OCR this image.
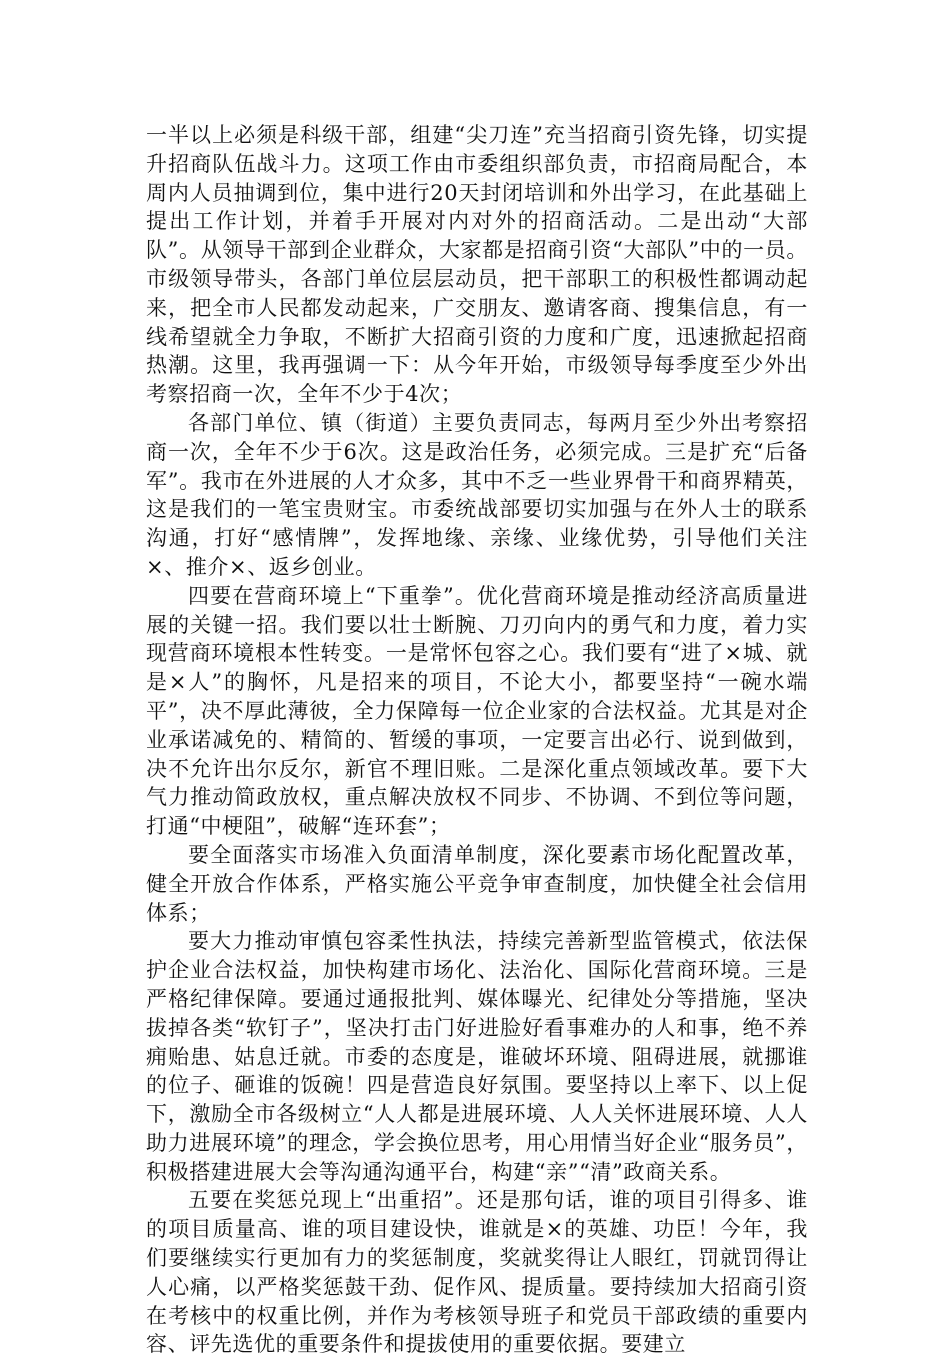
一半以上必须是科级干部，组建“尖刀连”充当招商引资先锋，切实提升招商队伍战斗力。这项工作由市委组织部负责，市招商局配合，本周内人员抽调到位，集中进行20天封闭培训和外出学习，在此基础上提出工作计划，并着手开展对内对外的招商活动。二是出动“大部队”。从领导干部到企业群众，大家都是招商引资“大部队”中的一员。市级领导带头，各部门单位层层动员，把干部职工的积极性都调动起来，把全市人民都发动起来，广交朋友、邀请客商、搜集信息，有一线希望就全力争取，不断扩大招商引资的力度和广度，迅速掀起招商热潮。这里，我再强调一下：从今年开始，市级领导每季度至少外出考察招商一次，全年不少于4次；

各部门单位、镇（街道）主要负责同志，每两月至少外出考察招商一次，全年不少于6次。这是政治任务，必须完成。三是扩充“后备军”。我市在外进展的人才众多，其中不乏一些业界骨干和商界精英，这是我们的一笔宝贵财宝。市委统战部要切实加强与在外人士的联系沟通，打好“感情牌”，发挥地缘、亲缘、业缘优势，引导他们关注×、推介×、返乡创业。

四要在营商环境上“下重拳”。优化营商环境是推动经济高质量进展的关键一招。我们要以壮士断腕、刀刃向内的勇气和力度，着力实现营商环境根本性转变。一是常怀包容之心。我们要有“进了×城、就是×人”的胸怀，凡是招来的项目，不论大小，都要坚持“一碗水端平”，决不厚此薄彼，全力保障每一位企业家的合法权益。尤其是对企业承诺减免的、精简的、暂缓的事项，一定要言出必行、说到做到，决不允许出尔反尔，新官不理旧账。二是深化重点领域改革。要下大气力推动简政放权，重点解决放权不同步、不协调、不到位等问题，打通“中梗阻”，破解“连环套”；

要全面落实市场准入负面清单制度，深化要素市场化配置改革，健全开放合作体系，严格实施公平竞争审查制度，加快健全社会信用体系；

要大力推动审慎包容柔性执法，持续完善新型监管模式，依法保护企业合法权益，加快构建市场化、法治化、国际化营商环境。三是严格纪律保障。要通过通报批判、媒体曝光、纪律处分等措施，坚决拔掉各类“软钉子”，坚决打击门好进脸好看事难办的人和事，绝不养痈贻患、姑息迁就。市委的态度是，谁破坏环境、阻碍进展，就挪谁的位子、砸谁的饭碗！四是营造良好氛围。要坚持以上率下、以上促下，激励全市各级树立“人人都是进展环境、人人关怀进展环境、人人助力进展环境”的理念，学会换位思考，用心用情当好企业“服务员”，积极搭建进展大会等沟通沟通平台，构建“亲”“清”政商关系。

五要在奖惩兑现上“出重招”。还是那句话，谁的项目引得多、谁的项目质量高、谁的项目建设快，谁就是×的英雄、功臣！今年，我们要继续实行更加有力的奖惩制度，奖就奖得让人眼红，罚就罚得让人心痛，以严格奖惩鼓干劲、促作风、提质量。要持续加大招商引资在考核中的权重比例，并作为考核领导班子和党员干部政绩的重要内容、评先选优的重要条件和提拔使用的重要依据。要建立
